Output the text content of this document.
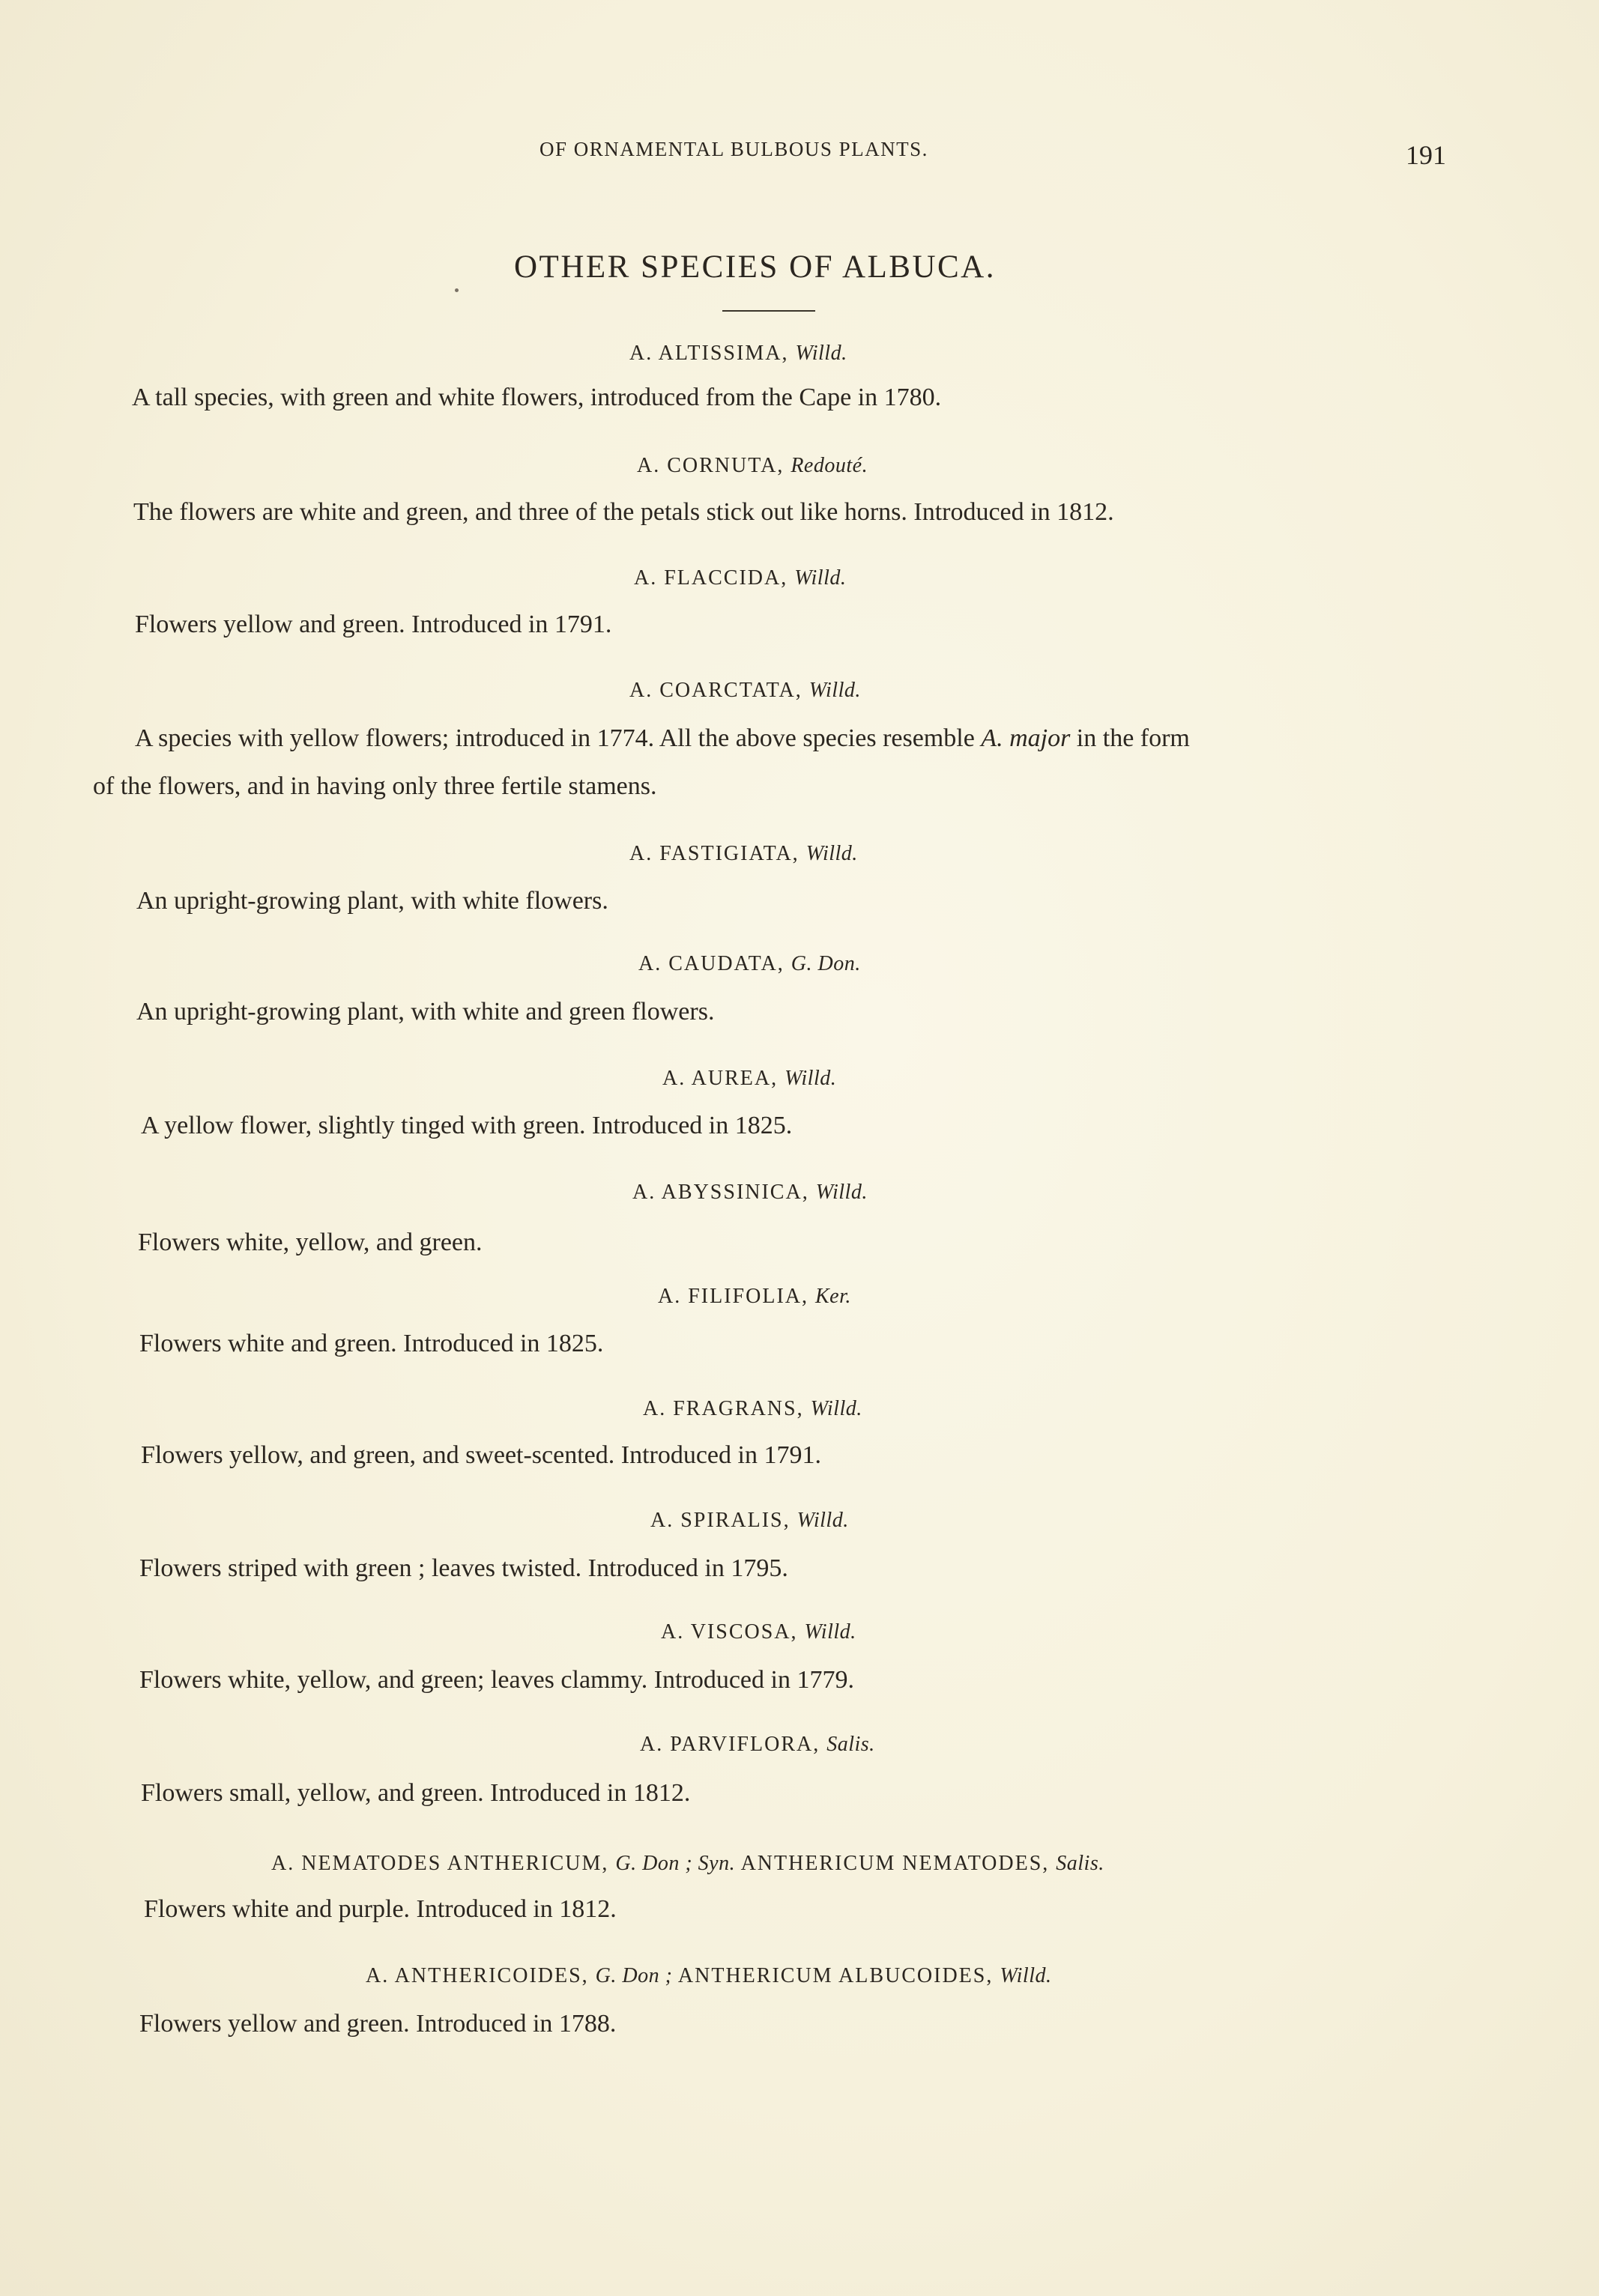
OF ORNAMENTAL BULBOUS PLANTS.	191
OTHER SPECIES OF ALBUCA.
A. ALTISSIMA, Willd.
A tall species, with green and white flowers, introduced from the Cape in 1780.
A. CORNUTA, Redouté.
The flowers are white and green, and three of the petals stick out like horns. Introduced in 1812.
A. FLACCIDA, Willd.
Flowers yellow and green. Introduced in 1791.
A. COARCTATA, Willd.
A species with yellow flowers; introduced in 1774. All the above species resemble A. major in the form
of the flowers, and in having only three fertile stamens.
A. FASTIGIATA, Willd.
An upright-growing plant, with white flowers.
A. CAUDATA, G. Don.
An upright-growing plant, with white and green flowers.
A. AUREA, Willd.
A yellow flower, slightly tinged with green. Introduced in 1825.
A. ABYSSINICA, Willd.
Flowers white, yellow, and green.
A. FILIFOLIA, Ker.
Flowers white and green. Introduced in 1825.
A. FRAGRANS, Willd.
Flowers yellow, and green, and sweet-scented. Introduced in 1791.
A. SPIRALIS, Willd.
Flowers striped with green ; leaves twisted. Introduced in 1795.
A. VISCOSA, Willd.
Flowers white, yellow, and green; leaves clammy. Introduced in 1779.
A. PARVIFLORA, Salis.
Flowers small, yellow, and green. Introduced in 1812.
A. NEMATODES ANTHERICUM, G. Don ; Syn. ANTHERICUM NEMATODES, Salis.
Flowers white and purple. Introduced in 1812.
A. ANTHERICOIDES, G. Don ; ANTHERICUM ALBUCOIDES, Willd.
Flowers yellow and green. Introduced in 1788.
